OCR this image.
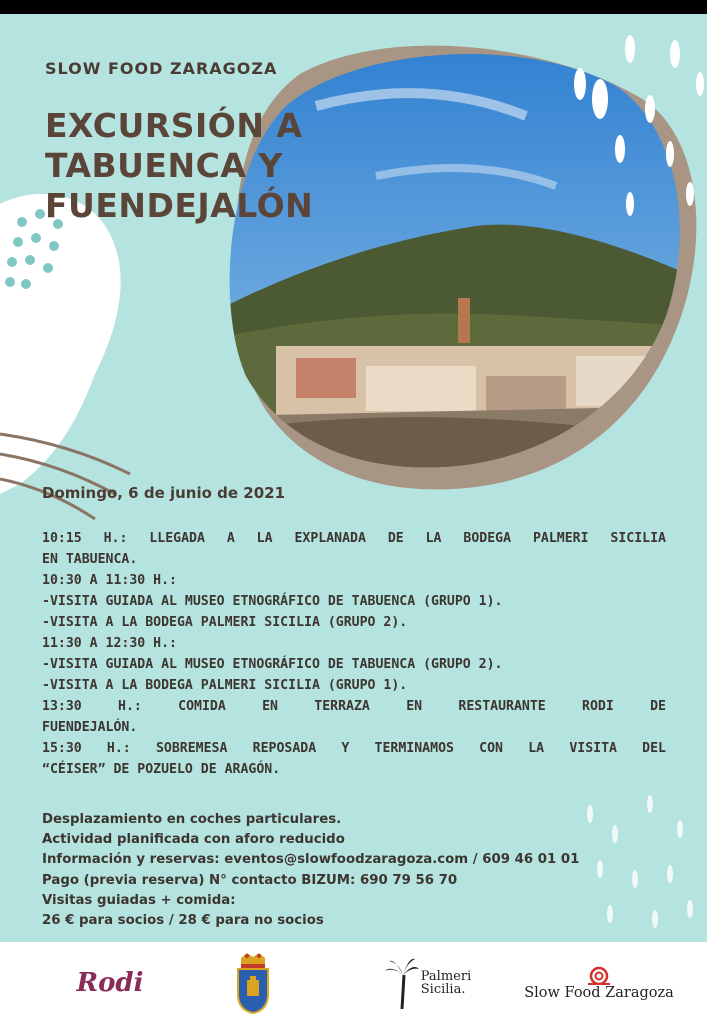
SLOW FOOD ZARAGOZA
EXCURSIÓN A
TABUENCA Y
FUENDEJALÓN
Domingo, 6 de junio de 2021
10:15 H.: LLEGADA A LA EXPLANADA DE LA BODEGA PALMERI SICILIA
EN TABUENCA.
10:30 A 11:30 H.:
-VISITA GUIADA AL MUSEO ETNOGRÁFICO DE TABUENCA (GRUPO 1).
-VISITA A LA BODEGA PALMERI SICILIA (GRUPO 2).
11:30 A 12:30 H.:
-VISITA GUIADA AL MUSEO ETNOGRÁFICO DE TABUENCA (GRUPO 2).
-VISITA A LA BODEGA PALMERI SICILIA (GRUPO 1).
13:30 H.: COMIDA EN TERRAZA EN RESTAURANTE RODI DE
FUENDEJALÓN.
15:30 H.: SOBREMESA REPOSADA Y TERMINAMOS CON LA VISITA DEL
“CÉISER” DE POZUELO DE ARAGÓN.
Desplazamiento en coches particulares.
Actividad planificada con aforo reducido
Información y reservas: eventos@slowfoodzaragoza.com / 609 46 01 01
Pago (previa reserva) N° contacto BIZUM: 690 79 56 70
Visitas guiadas + comida:
26 € para socios / 28 € para no socios
Rodi	Palmeri
Sicilia.	Slow Food Zaragoza
